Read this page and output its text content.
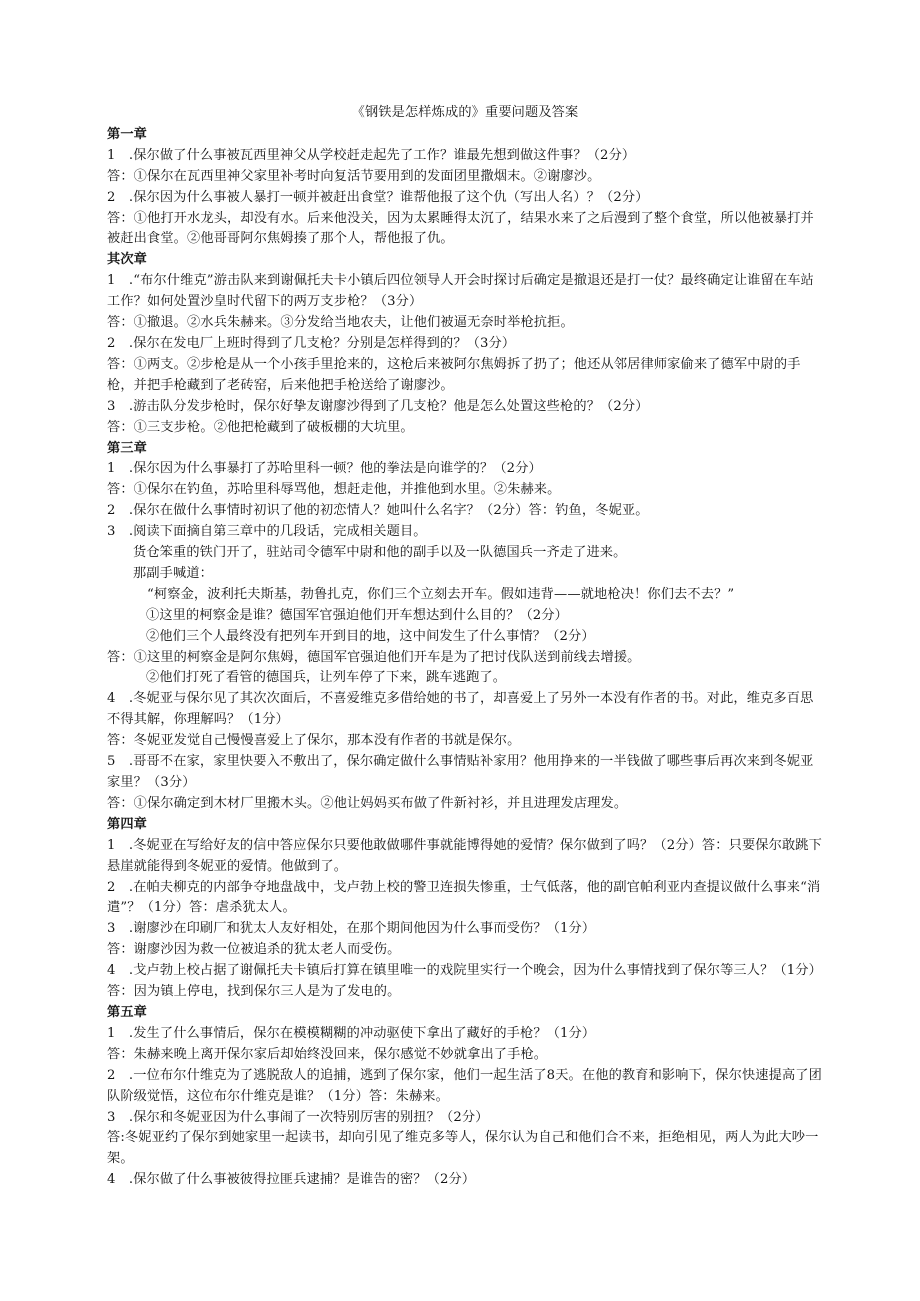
《钢铁是怎样炼成的》重要问题及答案
第一章

1　.保尔做了什么事被瓦西里神父从学校赶走起先了工作？谁最先想到做这件事？（2分）

答：①保尔在瓦西里神父家里补考时向复活节要用到的发面团里撒烟末。②谢廖沙。

2　.保尔因为什么事被人暴打一顿并被赶出食堂？谁帮他报了这个仇（写出人名）？（2分）

答：①他打开水龙头，却没有水。后来他没关，因为太累睡得太沉了，结果水来了之后漫到了整个食堂，所以他被暴打并被赶出食堂。②他哥哥阿尔焦姆揍了那个人，帮他报了仇。

其次章

1　.“布尔什维克”游击队来到谢佩托夫卡小镇后四位领导人开会时探讨后确定是撤退还是打一仗？最终确定让谁留在车站工作？如何处置沙皇时代留下的两万支步枪？（3分）

答：①撤退。②水兵朱赫来。③分发给当地农夫，让他们被逼无奈时举枪抗拒。

2　.保尔在发电厂上班时得到了几支枪？分别是怎样得到的？（3分）

答：①两支。②步枪是从一个小孩手里抢来的，这枪后来被阿尔焦姆拆了扔了；他还从邻居律师家偷来了德军中尉的手枪，并把手枪藏到了老砖窑，后来他把手枪送给了谢廖沙。

3　.游击队分发步枪时，保尔好挚友谢廖沙得到了几支枪？他是怎么处置这些枪的？（2分）

答：①三支步枪。②他把枪藏到了破板棚的大坑里。

第三章

1　.保尔因为什么事暴打了苏哈里科一顿？他的拳法是向谁学的？（2分）

答：①保尔在钓鱼，苏哈里科辱骂他，想赶走他，并推他到水里。②朱赫来。

2　.保尔在做什么事情时初识了他的初恋情人？她叫什么名字？（2分）答：钓鱼，冬妮亚。

3　.阅读下面摘自第三章中的几段话，完成相关题目。

货仓笨重的铁门开了，驻站司令德军中尉和他的副手以及一队德国兵一齐走了进来。

那副手喊道：

“柯察金，波利托夫斯基，勃鲁扎克，你们三个立刻去开车。假如违背——就地枪决！你们去不去？”

①这里的柯察金是谁？德国军官强迫他们开车想达到什么目的？（2分）

②他们三个人最终没有把列车开到目的地，这中间发生了什么事情？（2分）

答：①这里的柯察金是阿尔焦姆，德国军官强迫他们开车是为了把讨伐队送到前线去增援。

②他们打死了看管的德国兵，让列车停了下来，跳车逃跑了。

4　.冬妮亚与保尔见了其次次面后，不喜爱维克多借给她的书了，却喜爱上了另外一本没有作者的书。对此，维克多百思不得其解，你理解吗？（1分）

答：冬妮亚发觉自己慢慢喜爱上了保尔，那本没有作者的书就是保尔。

5　.哥哥不在家，家里快要入不敷出了，保尔确定做什么事情贴补家用？他用挣来的一半钱做了哪些事后再次来到冬妮亚家里？（3分）

答：①保尔确定到木材厂里搬木头。②他让妈妈买布做了件新衬衫，并且进理发店理发。

第四章

1　.冬妮亚在写给好友的信中答应保尔只要他敢做哪件事就能博得她的爱情？保尔做到了吗？（2分）答：只要保尔敢跳下悬崖就能得到冬妮亚的爱情。他做到了。

2　.在帕夫柳克的内部争夺地盘战中，戈卢勃上校的警卫连损失惨重，士气低落，他的副官帕利亚内查提议做什么事来“消遣”？（1分）答：虐杀犹太人。

3　.谢廖沙在印刷厂和犹太人友好相处，在那个期间他因为什么事而受伤？（1分）

答：谢廖沙因为救一位被追杀的犹太老人而受伤。

4　.戈卢勃上校占据了谢佩托夫卡镇后打算在镇里唯一的戏院里实行一个晚会，因为什么事情找到了保尔等三人？（1分）答：因为镇上停电，找到保尔三人是为了发电的。

第五章

1　.发生了什么事情后，保尔在模模糊糊的冲动驱使下拿出了藏好的手枪？（1分）

答：朱赫来晚上离开保尔家后却始终没回来，保尔感觉不妙就拿出了手枪。

2　.一位布尔什维克为了逃脱敌人的追捕，逃到了保尔家，他们一起生活了8天。在他的教育和影响下，保尔快速提高了团队阶级觉悟，这位布尔什维克是谁？（1分）答：朱赫来。

3　.保尔和冬妮亚因为什么事闹了一次特别厉害的别扭？（2分）

答:冬妮亚约了保尔到她家里一起读书，却向引见了维克多等人，保尔认为自己和他们合不来，拒绝相见，两人为此大吵一架。

4　.保尔做了什么事被彼得拉匪兵逮捕？是谁告的密？（2分）
